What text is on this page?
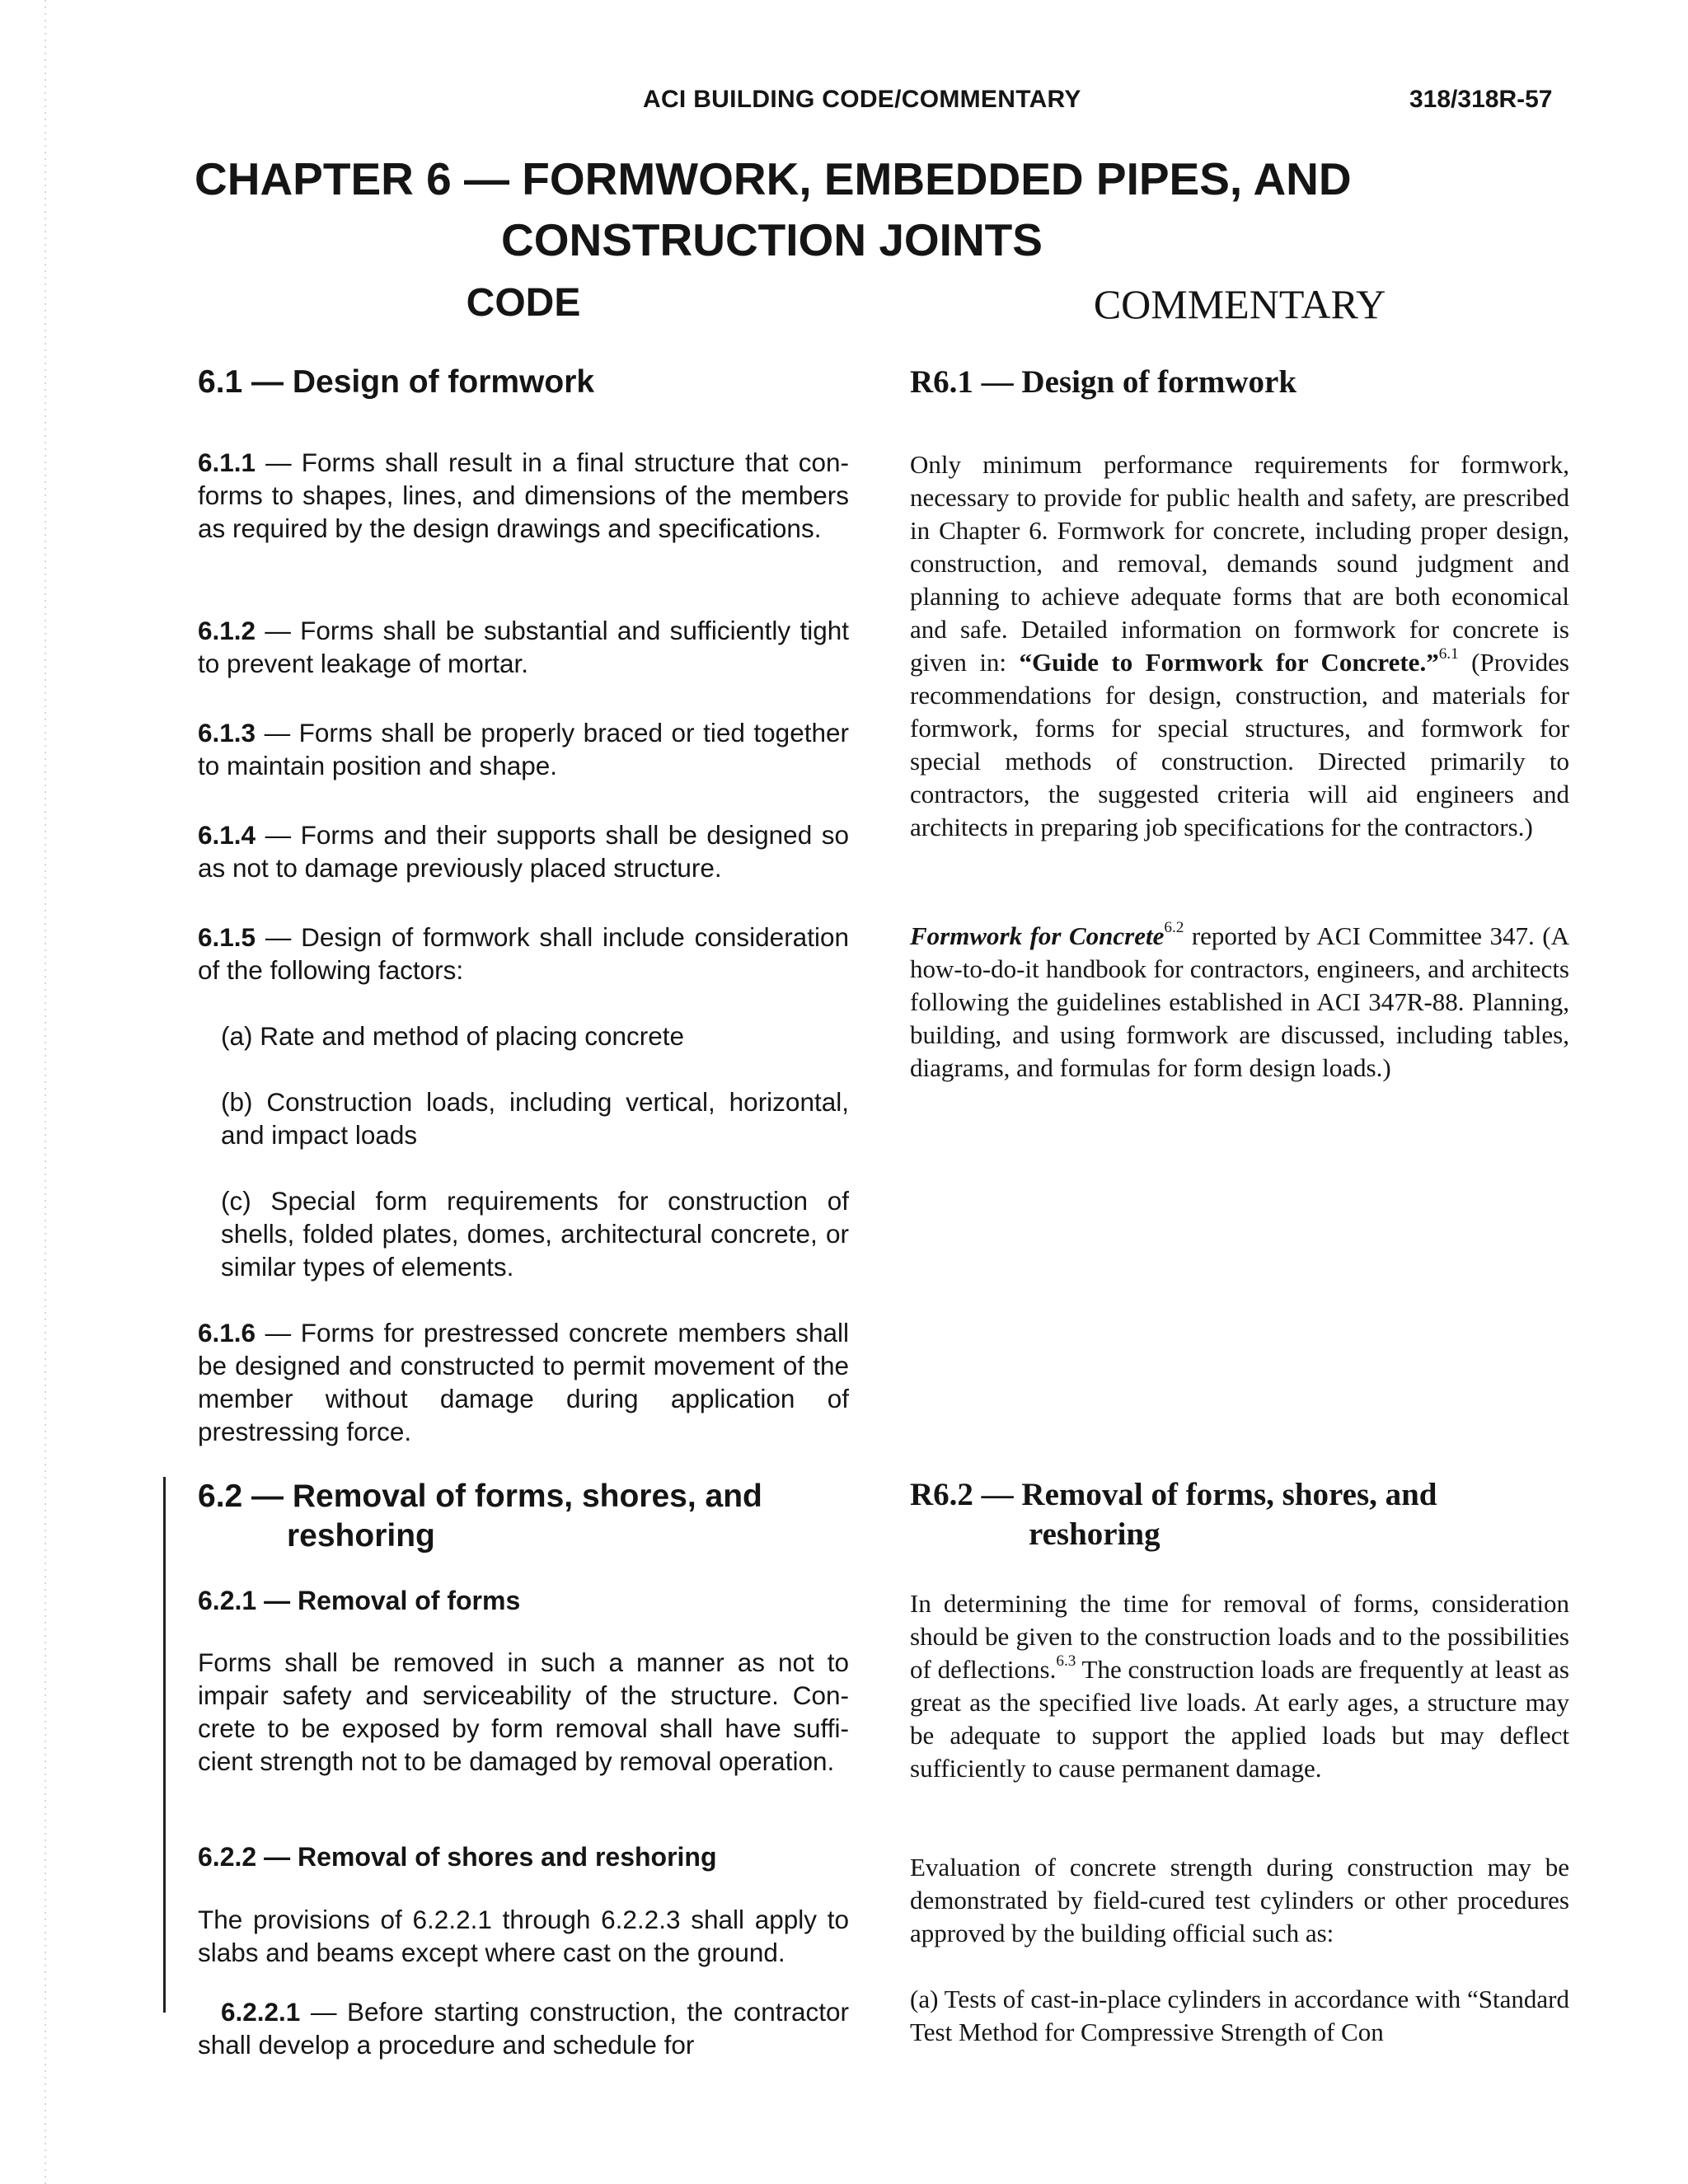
ACI BUILDING CODE/COMMENTARY	318/318R-57
CHAPTER 6 — FORMWORK, EMBEDDED PIPES, AND
CONSTRUCTION JOINTS
CODE	COMMENTARY
6.1 — Design of formwork

6.1.1 — Forms shall result in a final structure that conforms to shapes, lines, and dimensions of the members as required by the design drawings and specifications.

6.1.2 — Forms shall be substantial and sufficiently tight to prevent leakage of mortar.

6.1.3 — Forms shall be properly braced or tied together to maintain position and shape.

6.1.4 — Forms and their supports shall be designed so as not to damage previously placed structure.

6.1.5 — Design of formwork shall include consideration of the following factors:

(a) Rate and method of placing concrete

(b) Construction loads, including vertical, horizontal, and impact loads

(c) Special form requirements for construction of shells, folded plates, domes, architectural concrete, or similar types of elements.

6.1.6 — Forms for prestressed concrete members shall be designed and constructed to permit movement of the member without damage during application of prestressing force.

6.2 — Removal of forms, shores, and
reshoring
6.2.1 — Removal of forms

Forms shall be removed in such a manner as not to impair safety and serviceability of the structure. Concrete to be exposed by form removal shall have sufficient strength not to be damaged by removal operation.

6.2.2 — Removal of shores and reshoring

The provisions of 6.2.2.1 through 6.2.2.3 shall apply to slabs and beams except where cast on the ground.

6.2.2.1 — Before starting construction, the contractor shall develop a procedure and schedule for

R6.1 — Design of formwork

Only minimum performance requirements for formwork, necessary to provide for public health and safety, are prescribed in Chapter 6. Formwork for concrete, including proper design, construction, and removal, demands sound judgment and planning to achieve adequate forms that are both economical and safe. Detailed information on formwork for concrete is given in: “Guide to Formwork for Concrete.”$^{6.1}$ (Provides recommendations for design, construction, and materials for formwork, forms for special structures, and formwork for special methods of construction. Directed primarily to contractors, the suggested criteria will aid engineers and architects in preparing job specifications for the contractors.)

Formwork for Concrete$^{6.2}$ reported by ACI Committee 347. (A how-to-do-it handbook for contractors, engineers, and architects following the guidelines established in ACI 347R-88. Planning, building, and using formwork are discussed, including tables, diagrams, and formulas for form design loads.)

R6.2 — Removal of forms, shores, and
reshoring

In determining the time for removal of forms, consideration should be given to the construction loads and to the possibilities of deflections.$^{6.3}$ The construction loads are frequently at least as great as the specified live loads. At early ages, a structure may be adequate to support the applied loads but may deflect sufficiently to cause permanent damage.

Evaluation of concrete strength during construction may be demonstrated by field-cured test cylinders or other procedures approved by the building official such as:

(a) Tests of cast-in-place cylinders in accordance with “Standard Test Method for Compressive Strength of Con
